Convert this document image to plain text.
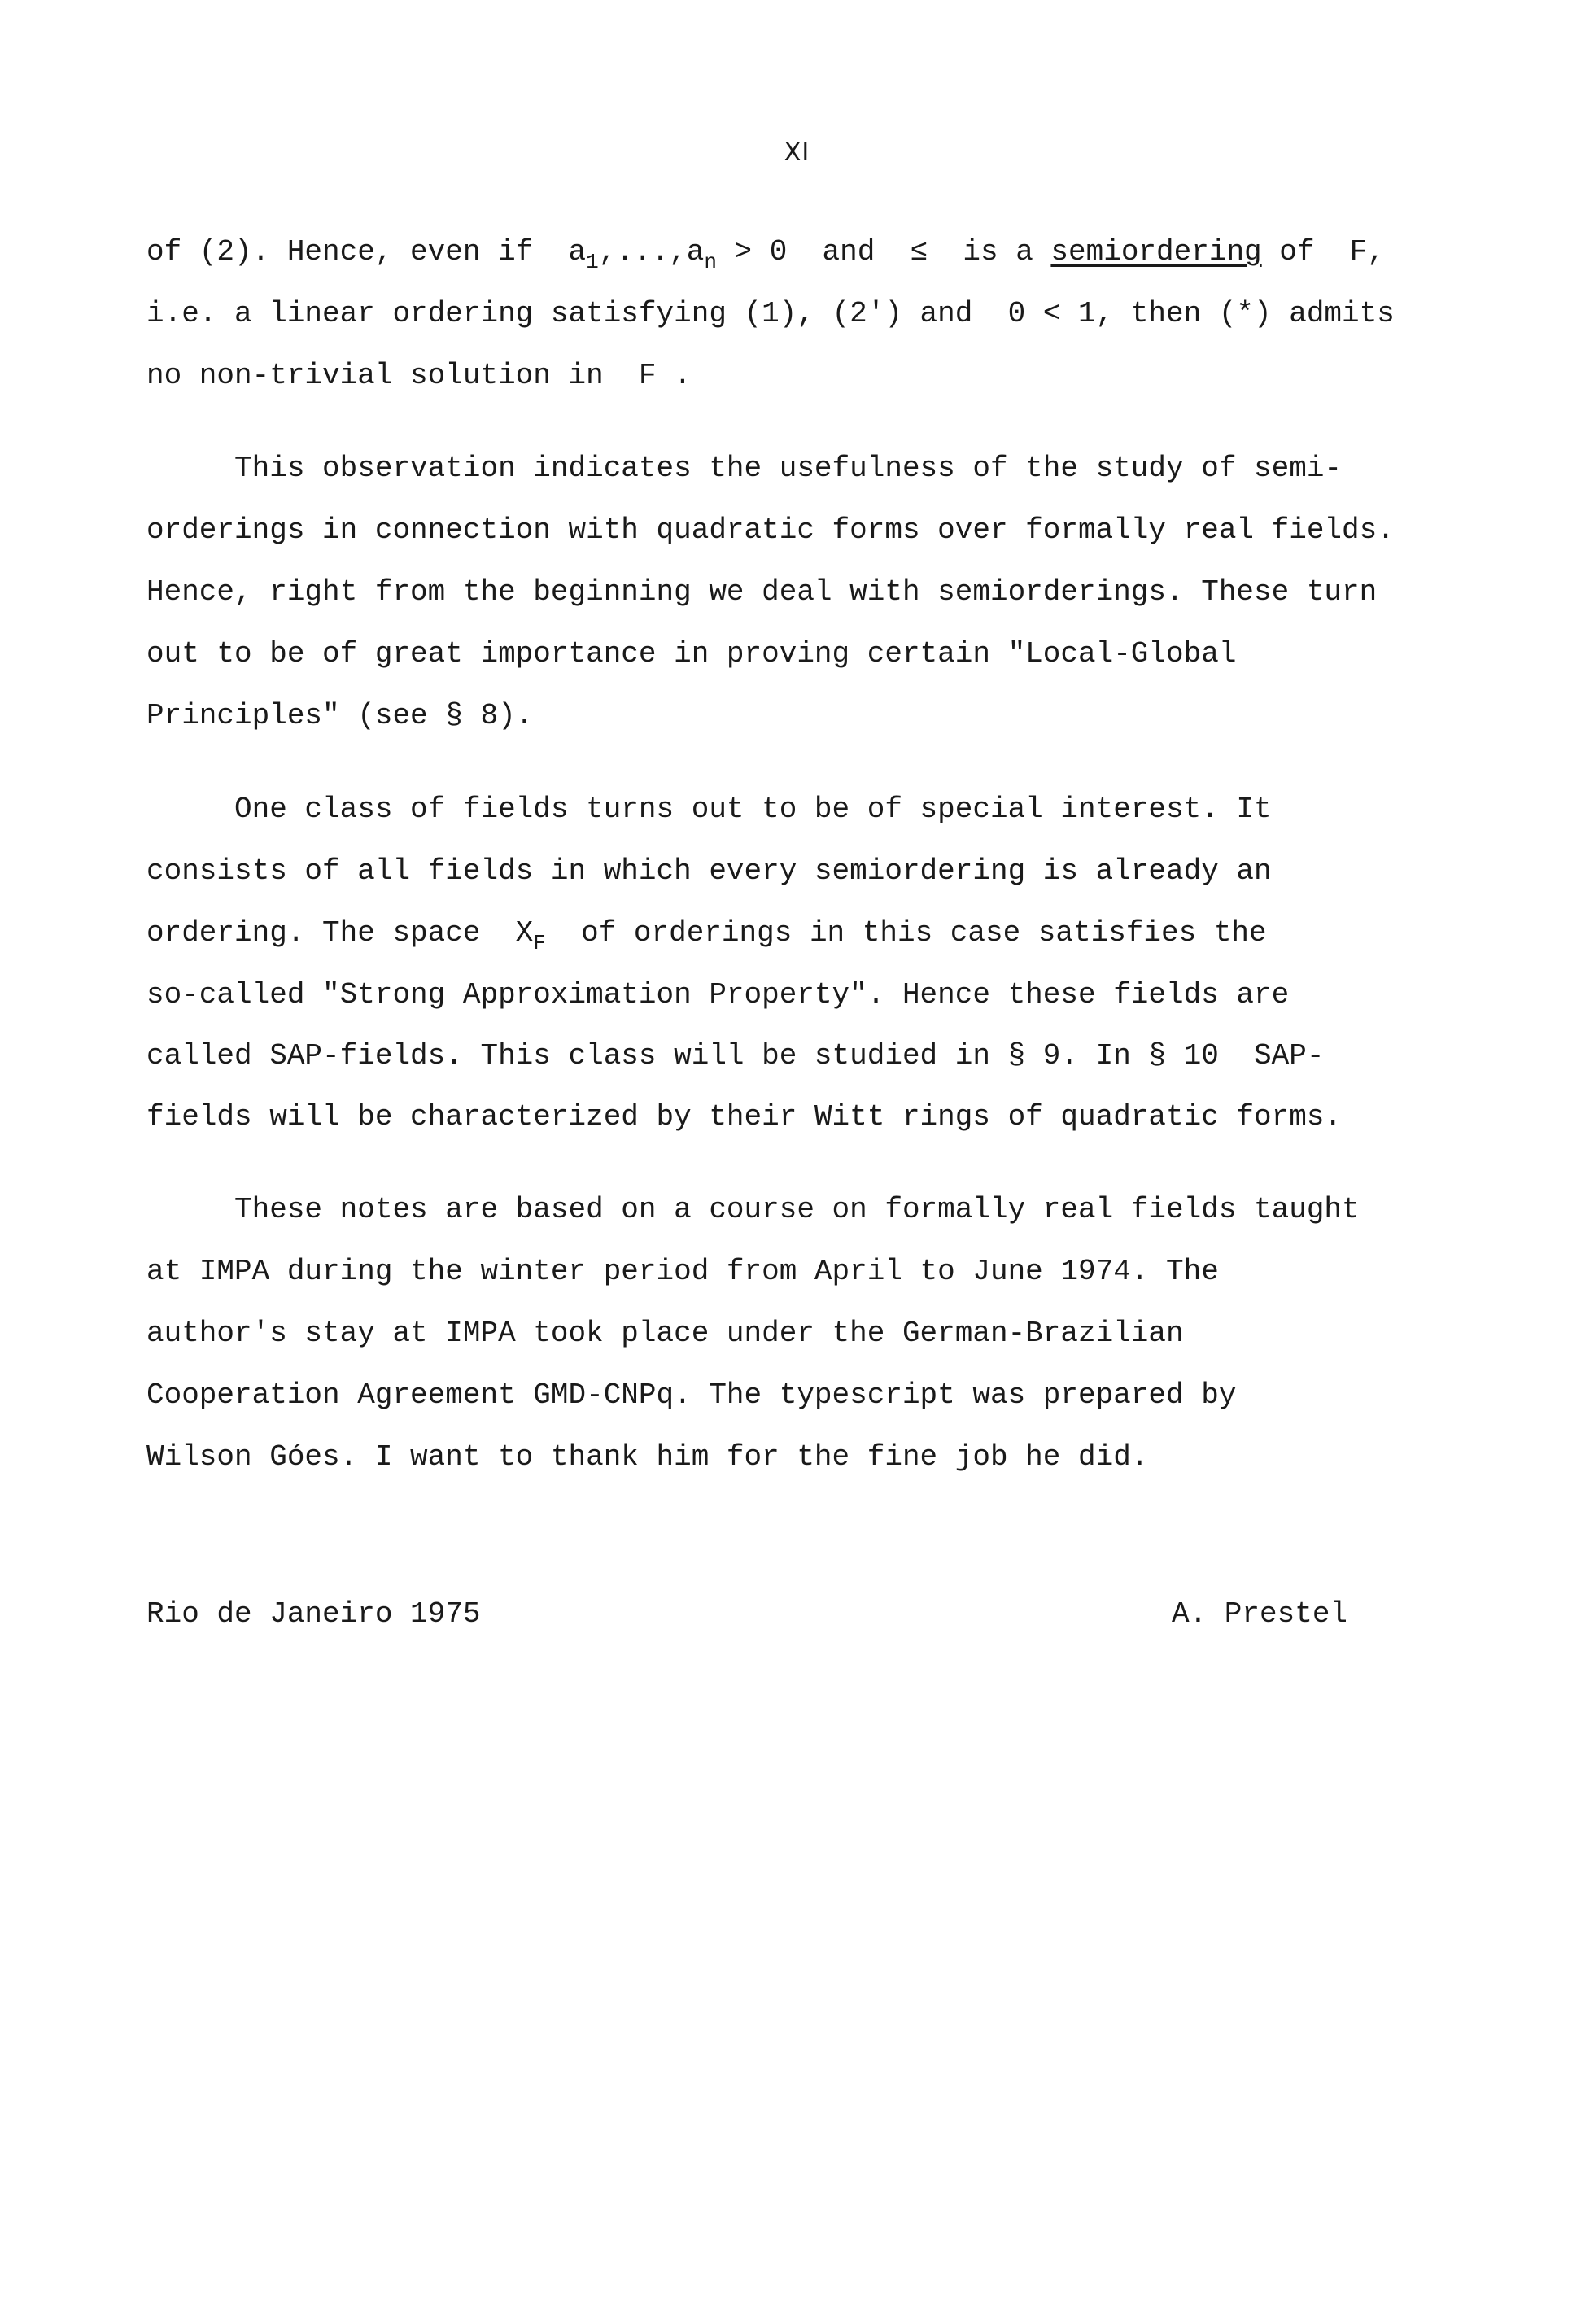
XI
of (2). Hence, even if  $a_1,...,a_n > 0$  and  ≤  is a semiordering of  F,
i.e. a linear ordering satisfying (1), (2') and  0 < 1, then (*) admits
no non-trivial solution in  F .
This observation indicates the usefulness of the study of semi-
orderings in connection with quadratic forms over formally real fields.
Hence, right from the beginning we deal with semiorderings. These turn
out to be of great importance in proving certain "Local-Global
Principles" (see § 8).
One class of fields turns out to be of special interest. It
consists of all fields in which every semiordering is already an
ordering. The space  $X_F$  of orderings in this case satisfies the
so-called "Strong Approximation Property". Hence these fields are
called SAP-fields. This class will be studied in § 9. In § 10  SAP-
fields will be characterized by their Witt rings of quadratic forms.
These notes are based on a course on formally real fields taught
at IMPA during the winter period from April to June 1974. The
author's stay at IMPA took place under the German-Brazilian
Cooperation Agreement GMD-CNPq. The typescript was prepared by
Wilson Góes. I want to thank him for the fine job he did.
Rio de Janeiro 1975	A. Prestel
